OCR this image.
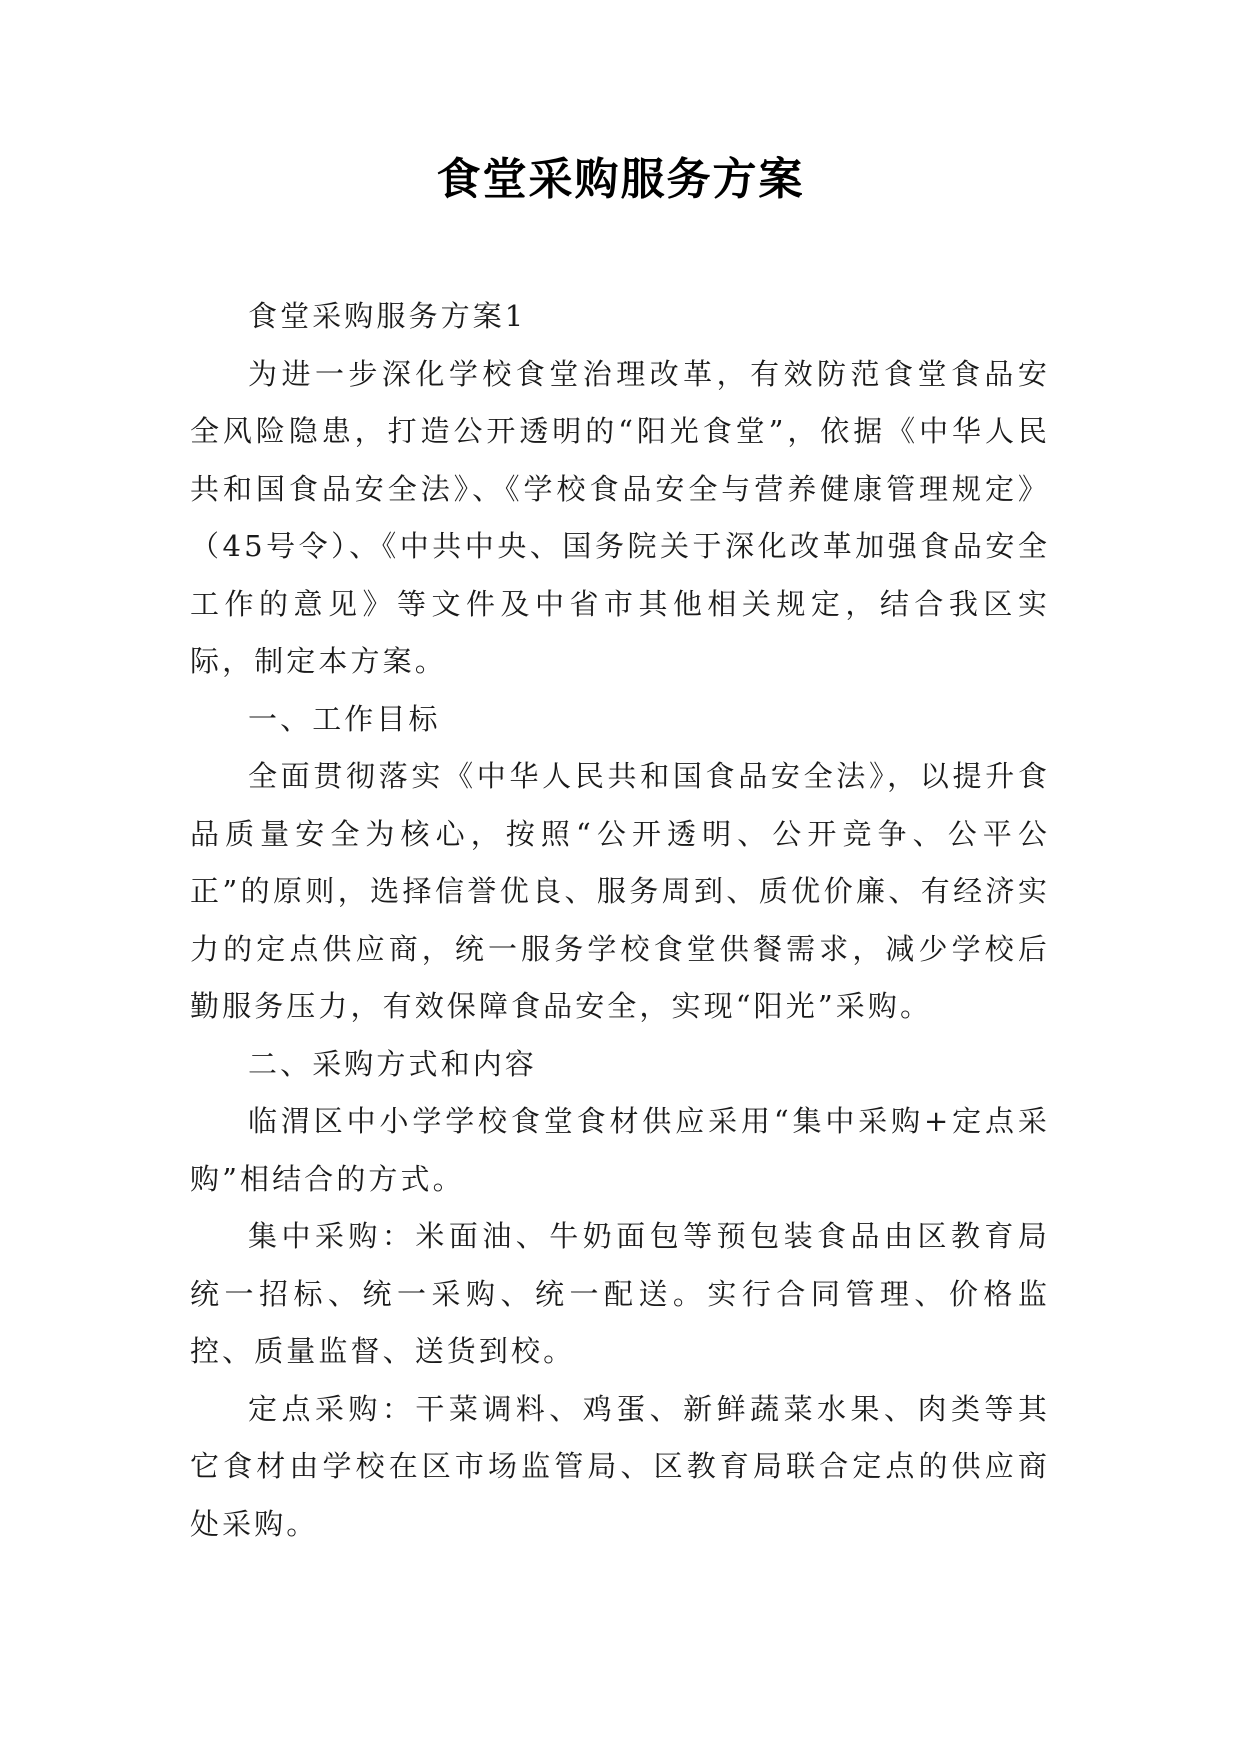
食堂采购服务方案

食堂采购服务方案1

为进一步深化学校食堂治理改革，有效防范食堂食品安全风险隐患，打造公开透明的“阳光食堂”，依据《中华人民共和国食品安全法》、《学校食品安全与营养健康管理规定》（45号令）、《中共中央、国务院关于深化改革加强食品安全工作的意见》等文件及中省市其他相关规定，结合我区实际，制定本方案。

一、工作目标

全面贯彻落实《中华人民共和国食品安全法》，以提升食品质量安全为核心，按照“公开透明、公开竞争、公平公正”的原则，选择信誉优良、服务周到、质优价廉、有经济实力的定点供应商，统一服务学校食堂供餐需求，减少学校后勤服务压力，有效保障食品安全，实现“阳光”采购。

二、采购方式和内容

临渭区中小学学校食堂食材供应采用“集中采购+定点采购”相结合的方式。

集中采购：米面油、牛奶面包等预包装食品由区教育局统一招标、统一采购、统一配送。实行合同管理、价格监控、质量监督、送货到校。

定点采购：干菜调料、鸡蛋、新鲜蔬菜水果、肉类等其它食材由学校在区市场监管局、区教育局联合定点的供应商处采购。
